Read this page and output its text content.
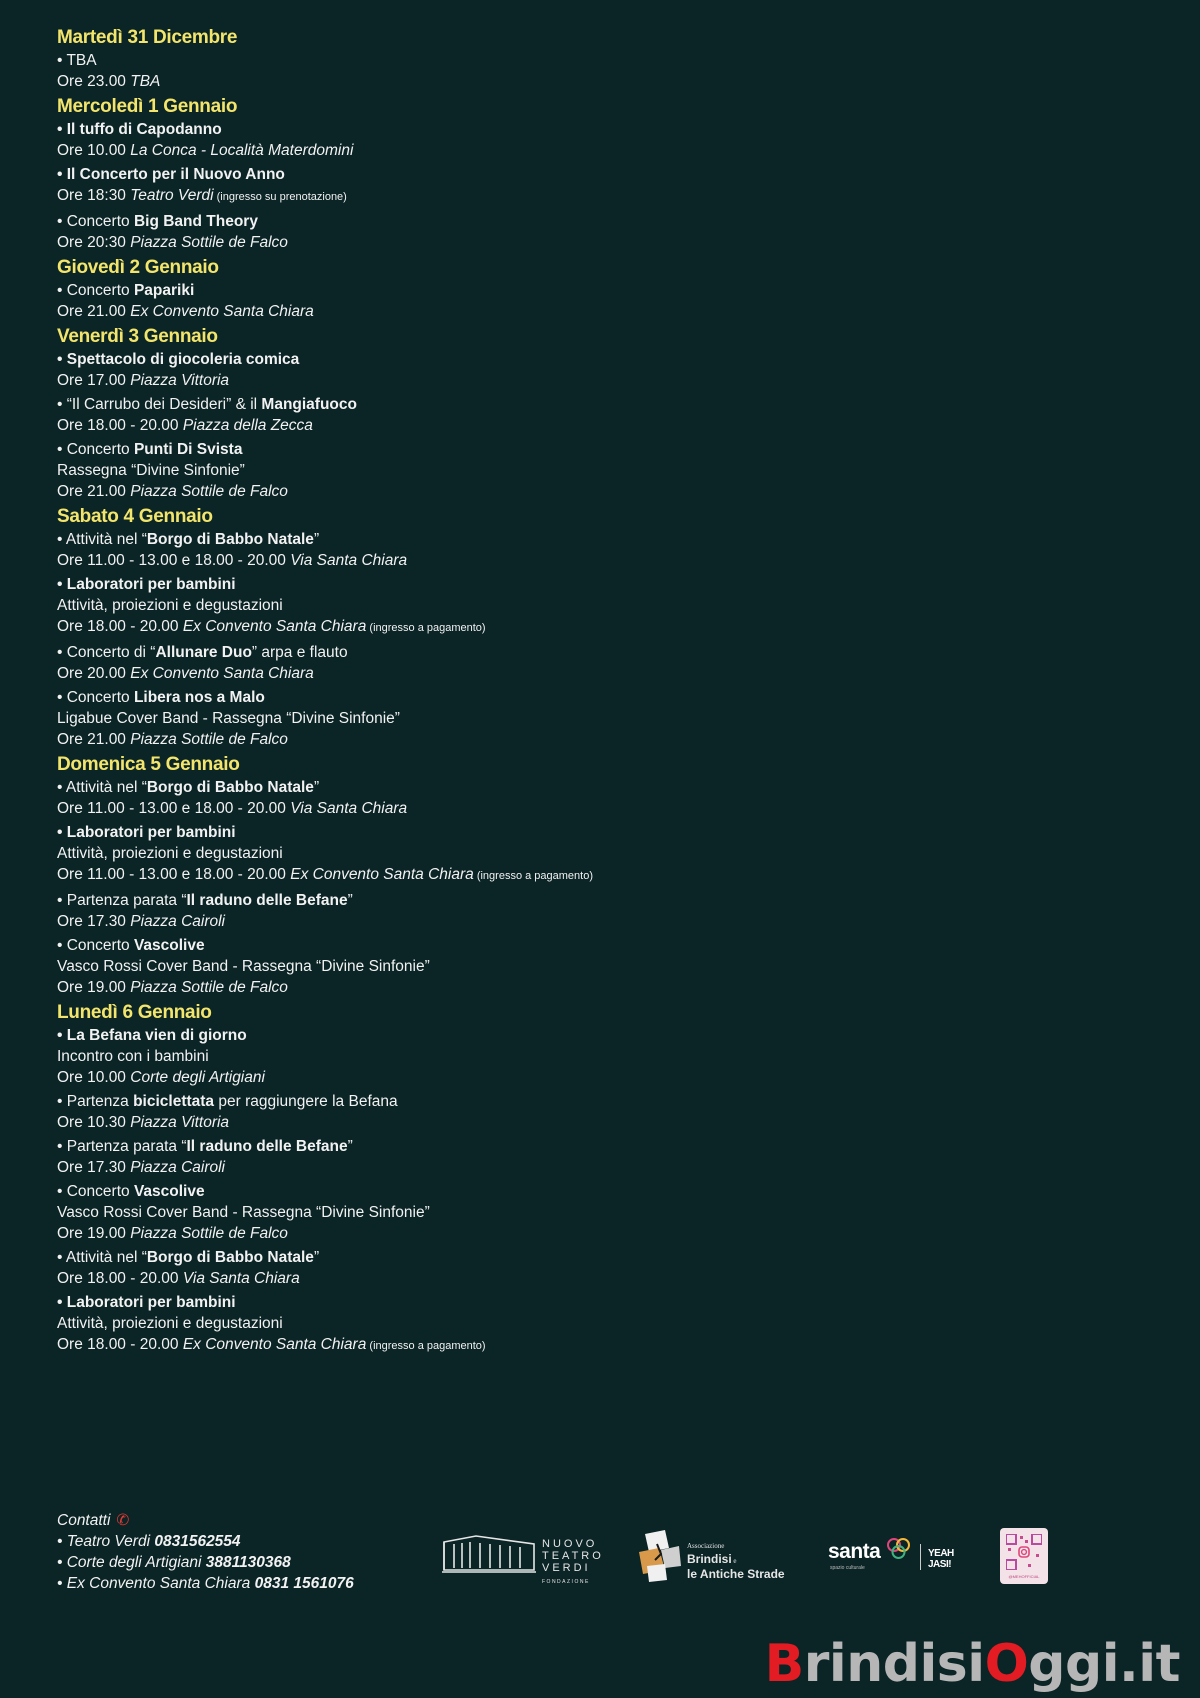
Martedì 31 Dicembre
• TBA
Ore 23.00 TBA
Mercoledì 1 Gennaio
• Il tuffo di Capodanno
Ore 10.00 La Conca - Località Materdomini
• Il Concerto per il Nuovo Anno
Ore 18:30 Teatro Verdi (ingresso su prenotazione)
• Concerto Big Band Theory
Ore 20:30 Piazza Sottile de Falco
Giovedì 2 Gennaio
• Concerto Papariki
Ore 21.00 Ex Convento Santa Chiara
Venerdì 3 Gennaio
• Spettacolo di giocoleria comica
Ore 17.00 Piazza Vittoria
• “Il Carrubo dei Desideri” & il Mangiafuoco
Ore 18.00 - 20.00 Piazza della Zecca
• Concerto Punti Di Svista
Rassegna “Divine Sinfonie”
Ore 21.00 Piazza Sottile de Falco
Sabato 4 Gennaio
• Attività nel “Borgo di Babbo Natale”
Ore 11.00 - 13.00 e 18.00 - 20.00 Via Santa Chiara
• Laboratori per bambini
Attività, proiezioni e degustazioni
Ore 18.00 - 20.00 Ex Convento Santa Chiara (ingresso a pagamento)
• Concerto di “Allunare Duo” arpa e flauto
Ore 20.00 Ex Convento Santa Chiara
• Concerto Libera nos a Malo
Ligabue Cover Band - Rassegna “Divine Sinfonie”
Ore 21.00 Piazza Sottile de Falco
Domenica 5 Gennaio
• Attività nel “Borgo di Babbo Natale”
Ore 11.00 - 13.00 e 18.00 - 20.00 Via Santa Chiara
• Laboratori per bambini
Attività, proiezioni e degustazioni
Ore 11.00 - 13.00 e 18.00 - 20.00 Ex Convento Santa Chiara (ingresso a pagamento)
• Partenza parata “Il raduno delle Befane”
Ore 17.30 Piazza Cairoli
• Concerto Vascolive
Vasco Rossi Cover Band - Rassegna “Divine Sinfonie”
Ore 19.00 Piazza Sottile de Falco
Lunedì 6 Gennaio
• La Befana vien di giorno
Incontro con i bambini
Ore 10.00 Corte degli Artigiani
• Partenza biciclettata per raggiungere la Befana
Ore 10.30 Piazza Vittoria
• Partenza parata “Il raduno delle Befane”
Ore 17.30 Piazza Cairoli
• Concerto Vascolive
Vasco Rossi Cover Band - Rassegna “Divine Sinfonie”
Ore 19.00 Piazza Sottile de Falco
• Attività nel “Borgo di Babbo Natale”
Ore 18.00 - 20.00 Via Santa Chiara
• Laboratori per bambini
Attività, proiezioni e degustazioni
Ore 18.00 - 20.00 Ex Convento Santa Chiara (ingresso a pagamento)
Contatti ✆
• Teatro Verdi 0831562554
• Corte degli Artigiani 3881130368
• Ex Convento Santa Chiara 0831 1561076
NUOVO
TEATRO
VERDI
FONDAZIONE
Associazione
Brindisi e
le Antiche Strade
santa
spazio culturale
YEAH JASI!
@MEHOFFICIAL
BrindisiOggi.it
